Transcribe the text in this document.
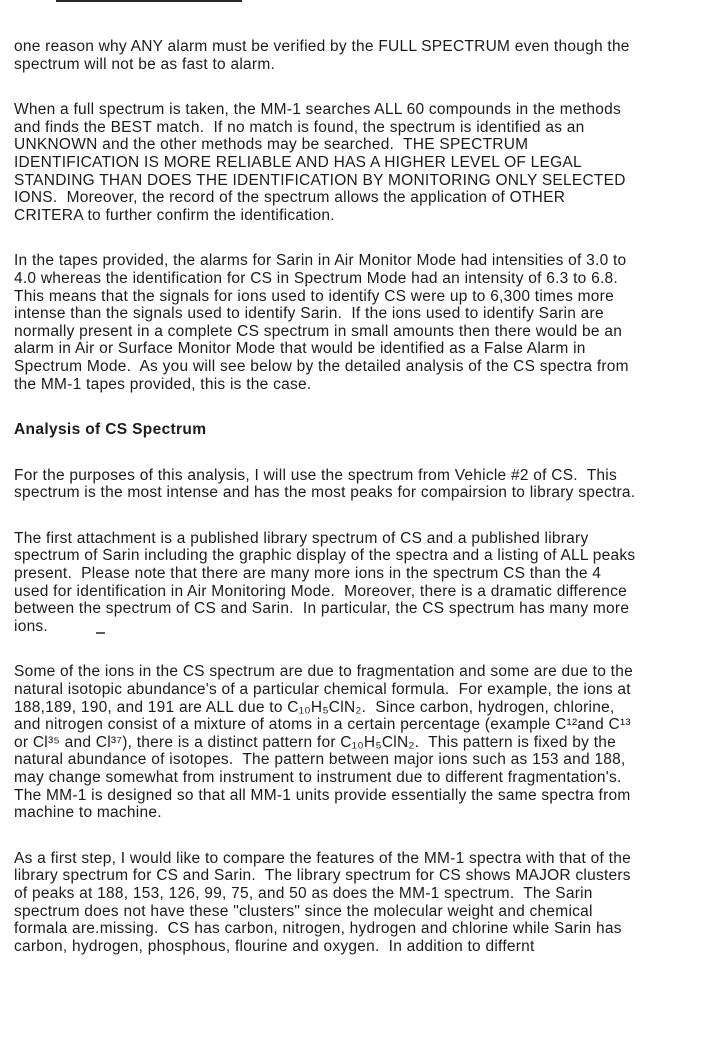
one reason why ANY alarm must be verified by the FULL SPECTRUM even though the
spectrum will not be as fast to alarm.
When a full spectrum is taken, the MM-1 searches ALL 60 compounds in the methods
and finds the BEST match.  If no match is found, the spectrum is identified as an
UNKNOWN and the other methods may be searched.  THE SPECTRUM
IDENTIFICATION IS MORE RELIABLE AND HAS A HIGHER LEVEL OF LEGAL
STANDING THAN DOES THE IDENTIFICATION BY MONITORING ONLY SELECTED
IONS.  Moreover, the record of the spectrum allows the application of OTHER
CRITERA to further confirm the identification.
In the tapes provided, the alarms for Sarin in Air Monitor Mode had intensities of 3.0 to
4.0 whereas the identification for CS in Spectrum Mode had an intensity of 6.3 to 6.8.
This means that the signals for ions used to identify CS were up to 6,300 times more
intense than the signals used to identify Sarin.  If the ions used to identify Sarin are
normally present in a complete CS spectrum in small amounts then there would be an
alarm in Air or Surface Monitor Mode that would be identified as a False Alarm in
Spectrum Mode.  As you will see below by the detailed analysis of the CS spectra from
the MM-1 tapes provided, this is the case.
Analysis of CS Spectrum
For the purposes of this analysis, I will use the spectrum from Vehicle #2 of CS.  This
spectrum is the most intense and has the most peaks for compairsion to library spectra.
The first attachment is a published library spectrum of CS and a published library
spectrum of Sarin including the graphic display of the spectra and a listing of ALL peaks
present.  Please note that there are many more ions in the spectrum CS than the 4
used for identification in Air Monitoring Mode.  Moreover, there is a dramatic difference
between the spectrum of CS and Sarin.  In particular, the CS spectrum has many more
ions.
Some of the ions in the CS spectrum are due to fragmentation and some are due to the
natural isotopic abundance's of a particular chemical formula.  For example, the ions at
188,189, 190, and 191 are ALL due to C₁₀H₅ClN₂.  Since carbon, hydrogen, chlorine,
and nitrogen consist of a mixture of atoms in a certain percentage (example C¹²and C¹³
or Cl³⁵ and Cl³⁷), there is a distinct pattern for C₁₀H₅ClN₂.  This pattern is fixed by the
natural abundance of isotopes.  The pattern between major ions such as 153 and 188,
may change somewhat from instrument to instrument due to different fragmentation's.
The MM-1 is designed so that all MM-1 units provide essentially the same spectra from
machine to machine.
As a first step, I would like to compare the features of the MM-1 spectra with that of the
library spectrum for CS and Sarin.  The library spectrum for CS shows MAJOR clusters
of peaks at 188, 153, 126, 99, 75, and 50 as does the MM-1 spectrum.  The Sarin
spectrum does not have these "clusters" since the molecular weight and chemical
formala are.missing.  CS has carbon, nitrogen, hydrogen and chlorine while Sarin has
carbon, hydrogen, phosphous, flourine and oxygen.  In addition to differnt
